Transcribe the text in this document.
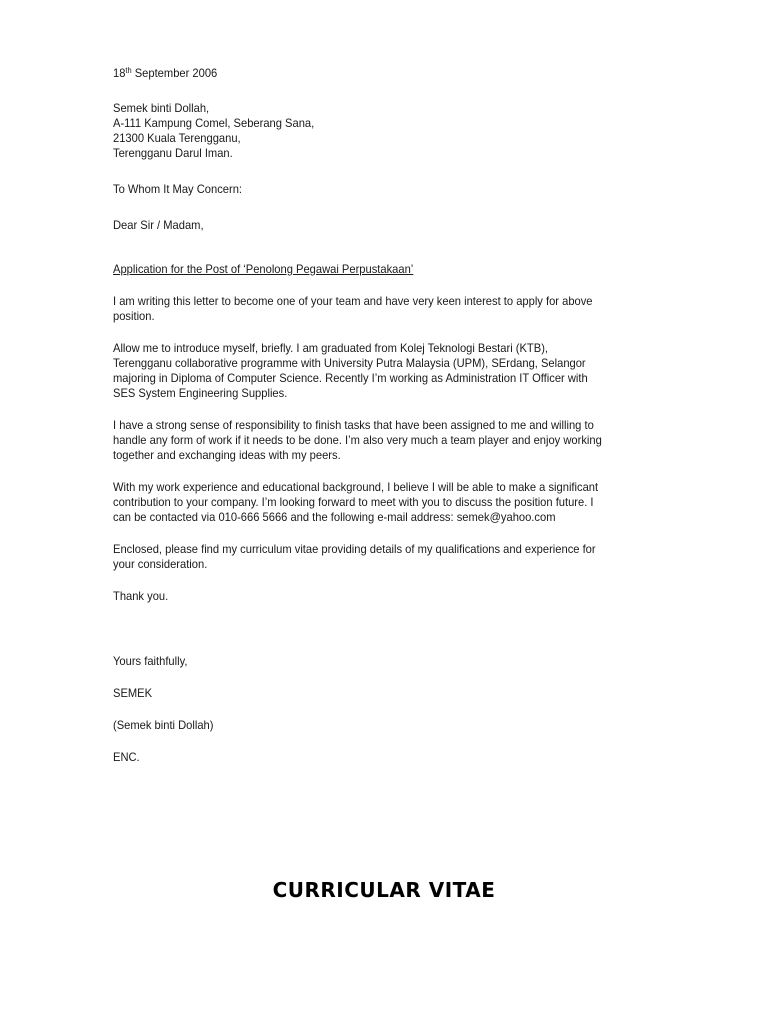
18th September 2006

Semek binti Dollah,
A-111 Kampung Comel, Seberang Sana,
21300 Kuala Terengganu,
Terengganu Darul Iman.

To Whom It May Concern:

Dear Sir / Madam,

Application for the Post of ‘Penolong Pegawai Perpustakaan’

I am writing this letter to become one of your team and have very keen interest to apply for above
position.

Allow me to introduce myself, briefly. I am graduated from Kolej Teknologi Bestari (KTB),
Terengganu collaborative programme with University Putra Malaysia (UPM), SErdang, Selangor
majoring in Diploma of Computer Science. Recently I’m working as Administration IT Officer with
SES System Engineering Supplies.

I have a strong sense of responsibility to finish tasks that have been assigned to me and willing to
handle any form of work if it needs to be done. I’m also very much a team player and enjoy working
together and exchanging ideas with my peers.

With my work experience and educational background, I believe I will be able to make a significant
contribution to your company. I’m looking forward to meet with you to discuss the position future. I
can be contacted via 010-666 5666 and the following e-mail address: semek@yahoo.com

Enclosed, please find my curriculum vitae providing details of my qualifications and experience for
your consideration.

Thank you.

Yours faithfully,

SEMEK

(Semek binti Dollah)

ENC.

CURRICULAR VITAE
